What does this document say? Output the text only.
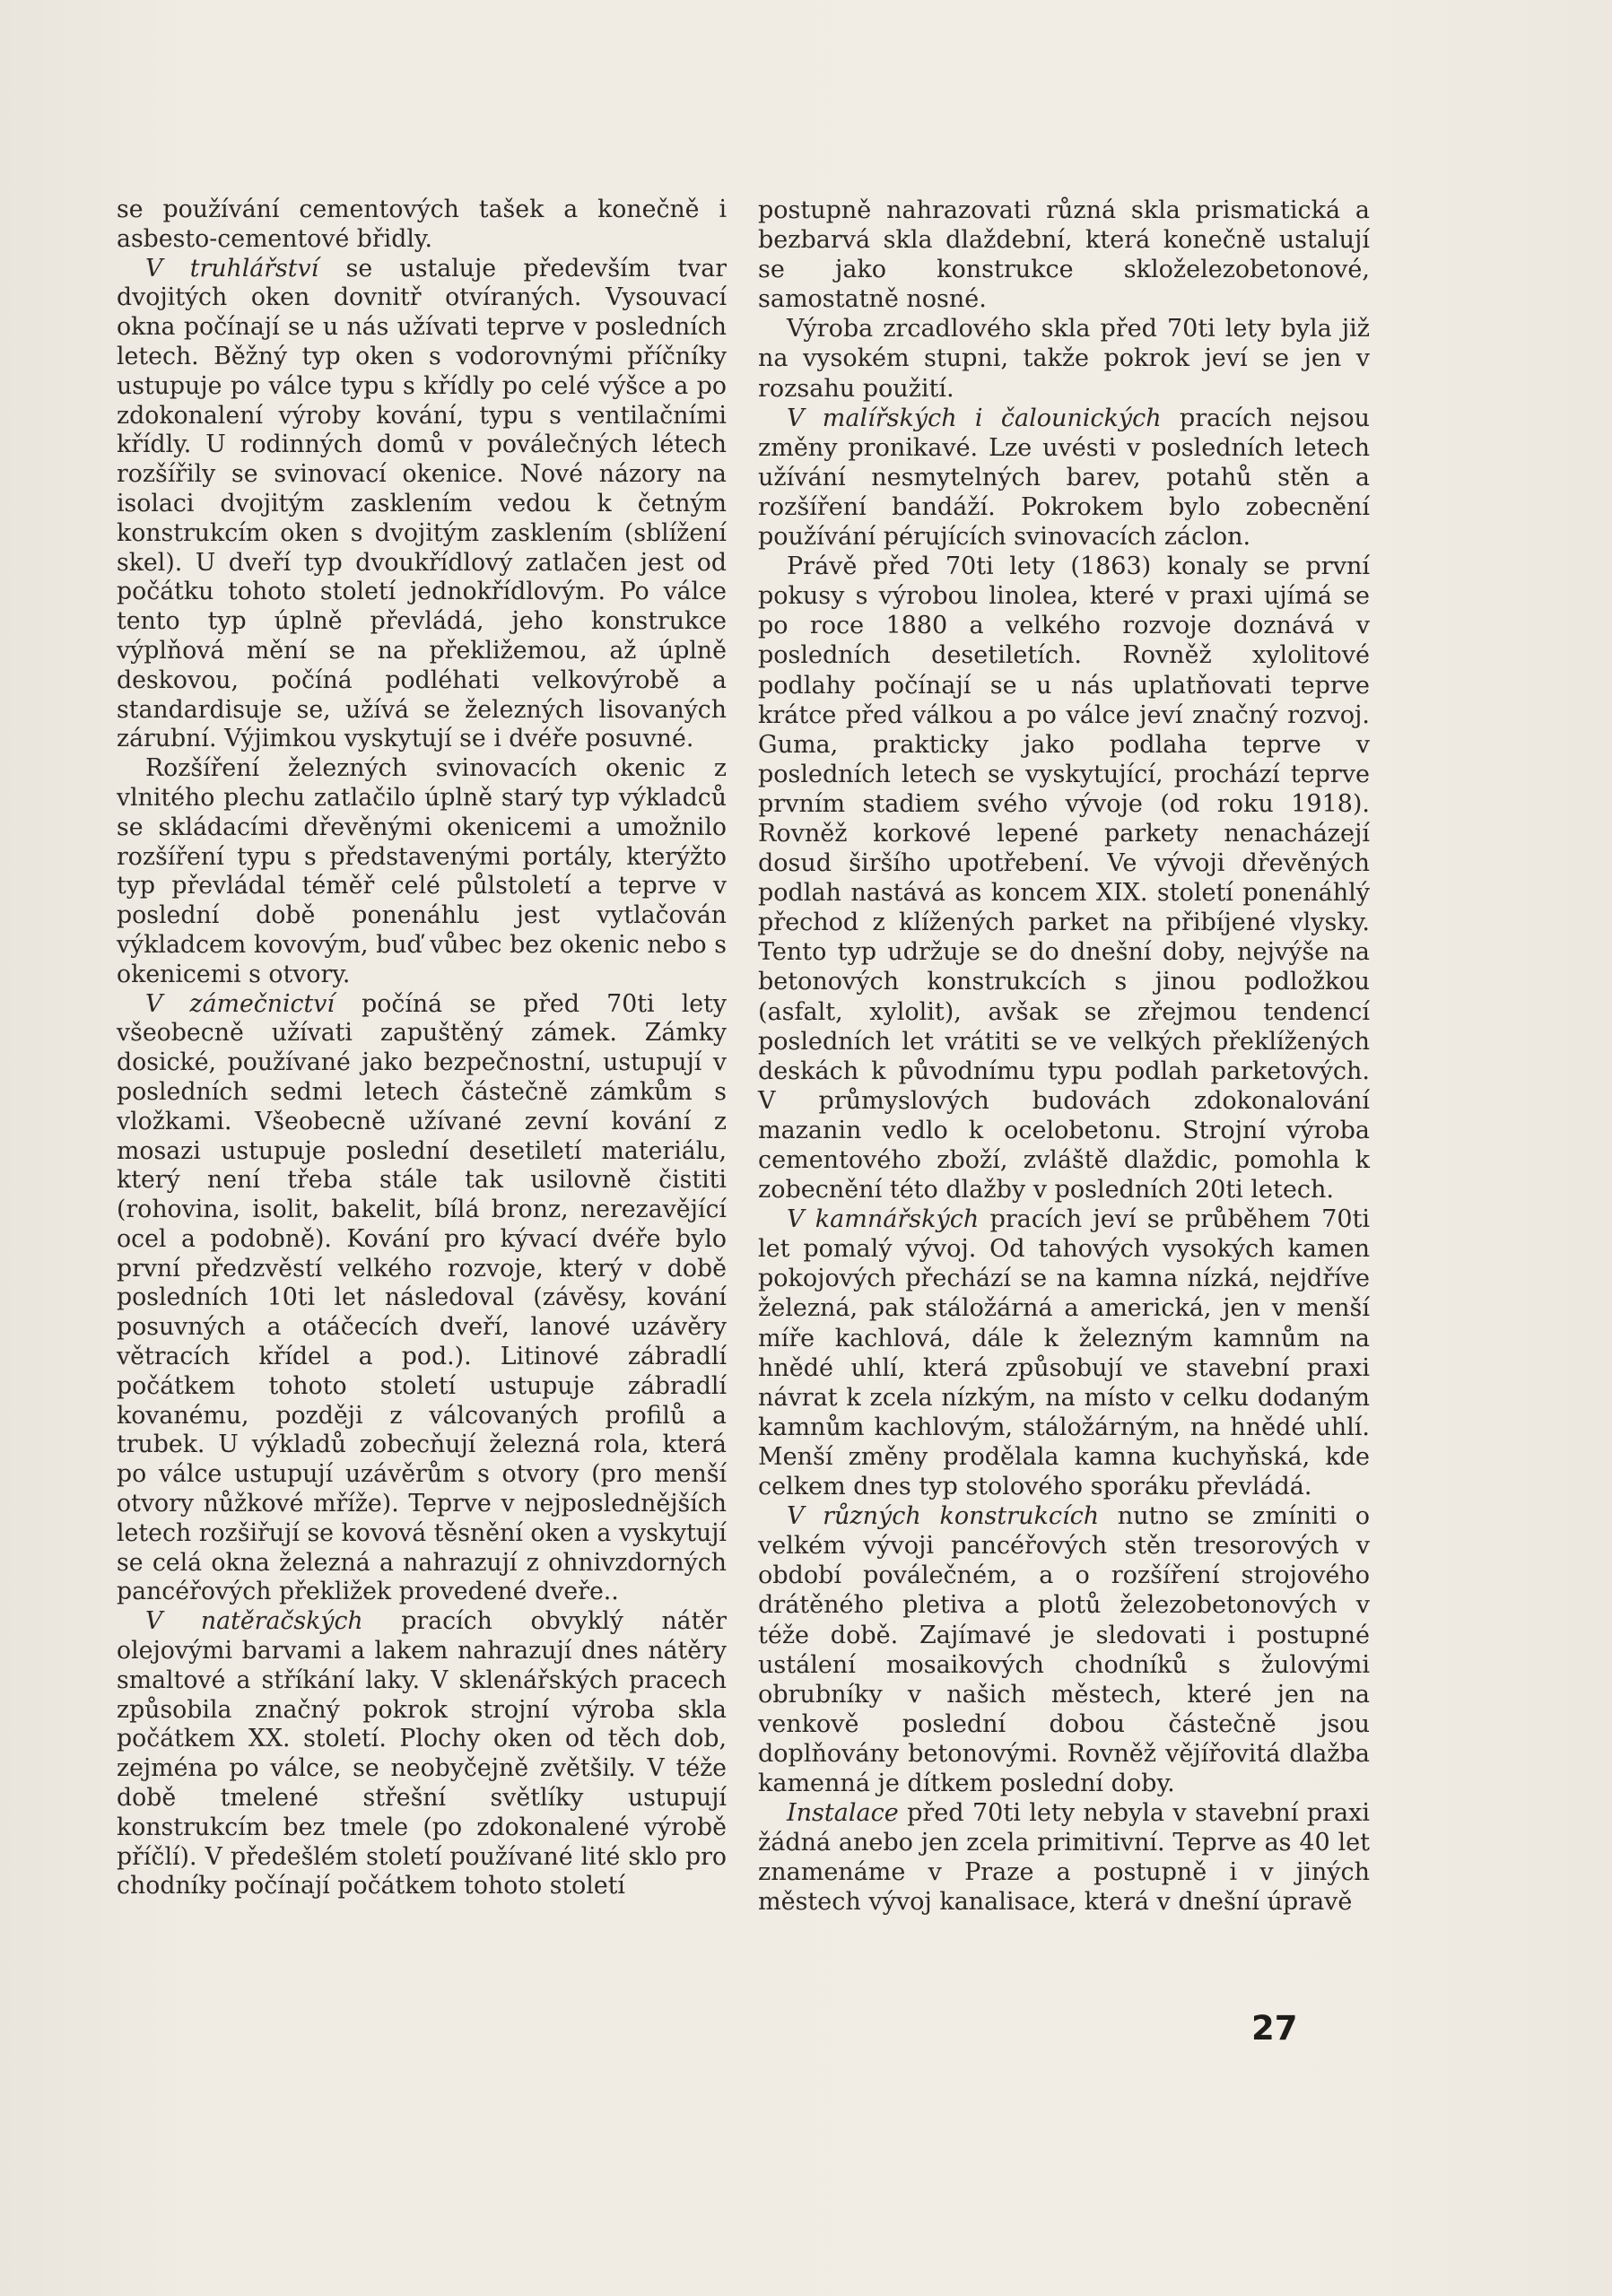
se používání cementových tašek a konečně i asbesto-cementové břidly.

V truhlářství se ustaluje především tvar dvojitých oken dovnitř otvíraných. Vysouvací okna počínají se u nás užívati teprve v posledních letech. Běžný typ oken s vodorovnými příčníky ustupuje po válce typu s křídly po celé výšce a po zdokonalení výroby kování, typu s ventilačními křídly. U rodinných domů v poválečných létech rozšířily se svinovací okenice. Nové názory na isolaci dvojitým zasklením vedou k četným konstrukcím oken s dvojitým zasklením (sblížení skel). U dveří typ dvoukřídlový zatlačen jest od počátku tohoto století jednokřídlovým. Po válce tento typ úplně převládá, jeho konstrukce výplňová mění se na překližemou, až úplně deskovou, počíná podléhati velkovýrobě a standardisuje se, užívá se železných lisovaných zárubní. Výjimkou vyskytují se i dvéře posuvné.

Rozšíření železných svinovacích okenic z vlnitého plechu zatlačilo úplně starý typ výkladců se skládacími dřevěnými okenicemi a umožnilo rozšíření typu s představenými portály, kterýžto typ převládal téměř celé půlstoletí a teprve v poslední době ponenáhlu jest vytlačován výkladcem kovovým, buď vůbec bez okenic nebo s okenicemi s otvory.

V zámečnictví počíná se před 70ti lety všeobecně užívati zapuštěný zámek. Zámky dosické, používané jako bezpečnostní, ustupují v posledních sedmi letech částečně zámkům s vložkami. Všeobecně užívané zevní kování z mosazi ustupuje poslední desetiletí materiálu, který není třeba stále tak usilovně čistiti (rohovina, isolit, bakelit, bílá bronz, nerezavějící ocel a podobně). Kování pro kývací dvéře bylo první předzvěstí velkého rozvoje, který v době posledních 10ti let následoval (závěsy, kování posuvných a otáčecích dveří, lanové uzávěry větracích křídel a pod.). Litinové zábradlí počátkem tohoto století ustupuje zábradlí kovanému, později z válcovaných profilů a trubek. U výkladů zobecňují železná rola, která po válce ustupují uzávěrům s otvory (pro menší otvory nůžkové mříže). Teprve v nejposlednějších letech rozšiřují se kovová těsnění oken a vyskytují se celá okna železná a nahrazují z ohnivzdorných pancéřových překližek provedené dveře..

V natěračských pracích obvyklý nátěr olejovými barvami a lakem nahrazují dnes nátěry smaltové a stříkání laky. V sklenářských pracech způsobila značný pokrok strojní výroba skla počátkem XX. století. Plochy oken od těch dob, zejména po válce, se neobyčejně zvětšily. V téže době tmelené střešní světlíky ustupují konstrukcím bez tmele (po zdokonalené výrobě příčlí). V předešlém století používané lité sklo pro chodníky počínají počátkem tohoto století

postupně nahrazovati různá skla prismatická a bezbarvá skla dlaždební, která konečně ustalují se jako konstrukce skloželezobetonové, samostatně nosné.

Výroba zrcadlového skla před 70ti lety byla již na vysokém stupni, takže pokrok jeví se jen v rozsahu použití.

V malířských i čalounických pracích nejsou změny pronikavé. Lze uvésti v posledních letech užívání nesmytelných barev, potahů stěn a rozšíření bandáží. Pokrokem bylo zobecnění používání pérujících svinovacích záclon.

Právě před 70ti lety (1863) konaly se první pokusy s výrobou linolea, které v praxi ujímá se po roce 1880 a velkého rozvoje doznává v posledních desetiletích. Rovněž xylolitové podlahy počínají se u nás uplatňovati teprve krátce před válkou a po válce jeví značný rozvoj. Guma, prakticky jako podlaha teprve v posledních letech se vyskytující, prochází teprve prvním stadiem svého vývoje (od roku 1918). Rovněž korkové lepené parkety nenacházejí dosud širšího upotřebení. Ve vývoji dřevěných podlah nastává as koncem XIX. století ponenáhlý přechod z klížených parket na přibíjené vlysky. Tento typ udržuje se do dnešní doby, nejvýše na betonových konstrukcích s jinou podložkou (asfalt, xylolit), avšak se zřejmou tendencí posledních let vrátiti se ve velkých překlížených deskách k původnímu typu podlah parketových. V průmyslových budovách zdokonalování mazanin vedlo k ocelobetonu. Strojní výroba cementového zboží, zvláště dlaždic, pomohla k zobecnění této dlažby v posledních 20ti letech.

V kamnářských pracích jeví se průběhem 70ti let pomalý vývoj. Od tahových vysokých kamen pokojových přechází se na kamna nízká, nejdříve železná, pak stáložárná a americká, jen v menší míře kachlová, dále k železným kamnům na hnědé uhlí, která způsobují ve stavební praxi návrat k zcela nízkým, na místo v celku dodaným kamnům kachlovým, stáložárným, na hnědé uhlí. Menší změny prodělala kamna kuchyňská, kde celkem dnes typ stolového sporáku převládá.

V různých konstrukcích nutno se zmíniti o velkém vývoji pancéřových stěn tresorových v období poválečném, a o rozšíření strojového drátěného pletiva a plotů železobetonových v téže době. Zajímavé je sledovati i postupné ustálení mosaikových chodníků s žulovými obrubníky v našich městech, které jen na venkově poslední dobou částečně jsou doplňovány betonovými. Rovněž vějířovitá dlažba kamenná je dítkem poslední doby.

Instalace před 70ti lety nebyla v stavební praxi žádná anebo jen zcela primitivní. Teprve as 40 let znamenáme v Praze a postupně i v jiných městech vývoj kanalisace, která v dnešní úpravě

27
